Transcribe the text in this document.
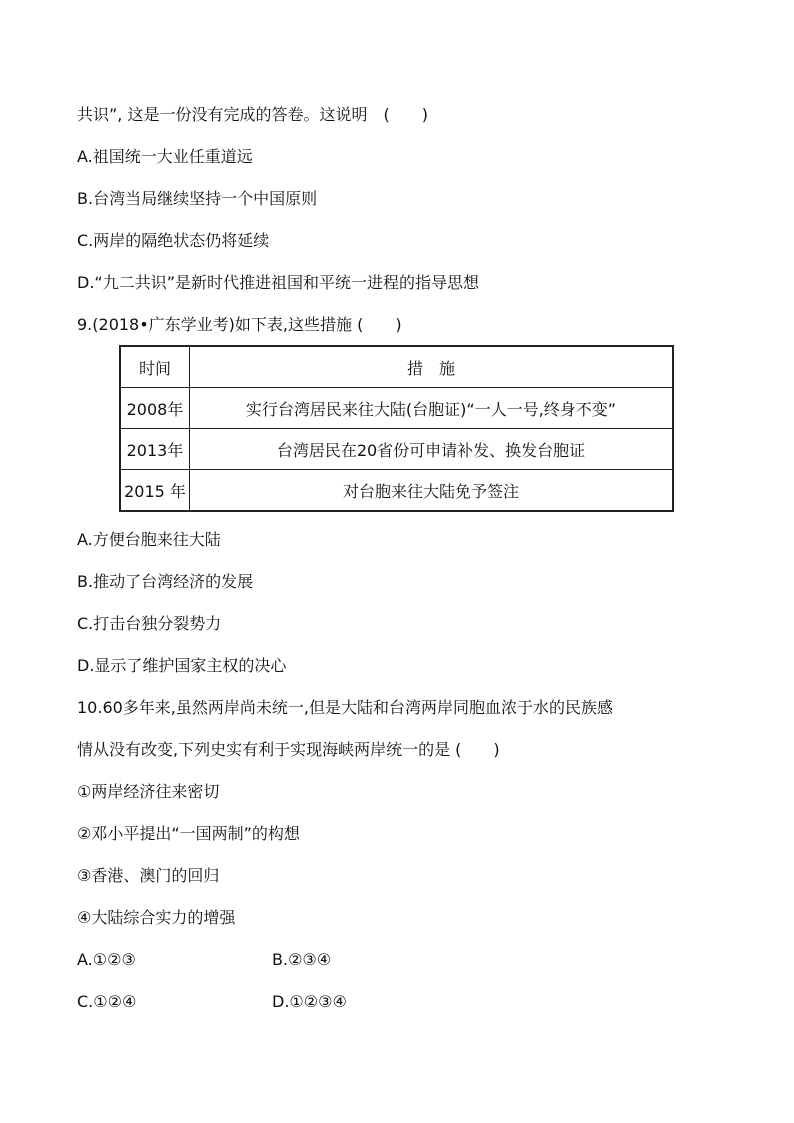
共识”, 这是一份没有完成的答卷。这说明　(　　)
A.祖国统一大业任重道远
B.台湾当局继续坚持一个中国原则
C.两岸的隔绝状态仍将延续
D.“九二共识”是新时代推进祖国和平统一进程的指导思想
9.(2018•广东学业考)如下表,这些措施 (　　)
时间	措　施
2008年	实行台湾居民来往大陆(台胞证)“一人一号,终身不变”
2013年	台湾居民在20省份可申请补发、换发台胞证
2015 年	对台胞来往大陆免予签注
A.方便台胞来往大陆
B.推动了台湾经济的发展
C.打击台独分裂势力
D.显示了维护国家主权的决心
10.60多年来,虽然两岸尚未统一,但是大陆和台湾两岸同胞血浓于水的民族感
情从没有改变,下列史实有利于实现海峡两岸统一的是 (　　)
①两岸经济往来密切
②邓小平提出“一国两制”的构想
③香港、澳门的回归
④大陆综合实力的增强
A.①②③	B.②③④
C.①②④	D.①②③④
